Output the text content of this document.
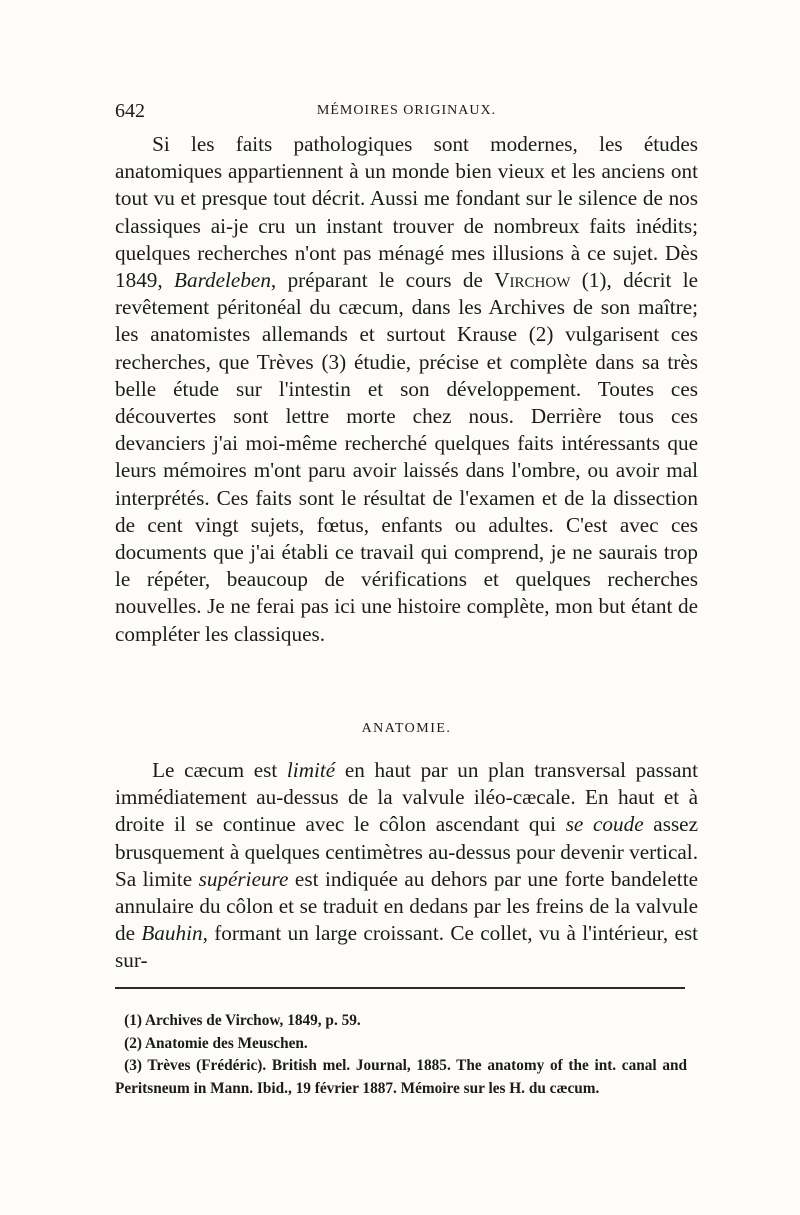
642	MÉMOIRES ORIGINAUX.

Si les faits pathologiques sont modernes, les études anatomiques appartiennent à un monde bien vieux et les anciens ont tout vu et presque tout décrit. Aussi me fondant sur le silence de nos classiques ai-je cru un instant trouver de nombreux faits inédits; quelques recherches n'ont pas ménagé mes illusions à ce sujet. Dès 1849, Bardeleben, préparant le cours de Virchow (1), décrit le revêtement péritonéal du cæcum, dans les Archives de son maître; les anatomistes allemands et surtout Krause (2) vulgarisent ces recherches, que Trèves (3) étudie, précise et complète dans sa très belle étude sur l'intestin et son développement. Toutes ces découvertes sont lettre morte chez nous. Derrière tous ces devanciers j'ai moi-même recherché quelques faits intéressants que leurs mémoires m'ont paru avoir laissés dans l'ombre, ou avoir mal interprétés. Ces faits sont le résultat de l'examen et de la dissection de cent vingt sujets, fœtus, enfants ou adultes. C'est avec ces documents que j'ai établi ce travail qui comprend, je ne saurais trop le répéter, beaucoup de vérifications et quelques recherches nouvelles. Je ne ferai pas ici une histoire complète, mon but étant de compléter les classiques.

ANATOMIE.

Le cæcum est limité en haut par un plan transversal passant immédiatement au-dessus de la valvule iléo-cæcale. En haut et à droite il se continue avec le côlon ascendant qui se coude assez brusquement à quelques centimètres au-dessus pour devenir vertical. Sa limite supérieure est indiquée au dehors par une forte bandelette annulaire du côlon et se traduit en dedans par les freins de la valvule de Bauhin, formant un large croissant. Ce collet, vu à l'intérieur, est sur-

(1) Archives de Virchow, 1849, p. 59.

(2) Anatomie des Meuschen.

(3) Trèves (Frédéric). British mel. Journal, 1885. The anatomy of the int. canal and Peritsneum in Mann. Ibid., 19 février 1887. Mémoire sur les H. du cæcum.
